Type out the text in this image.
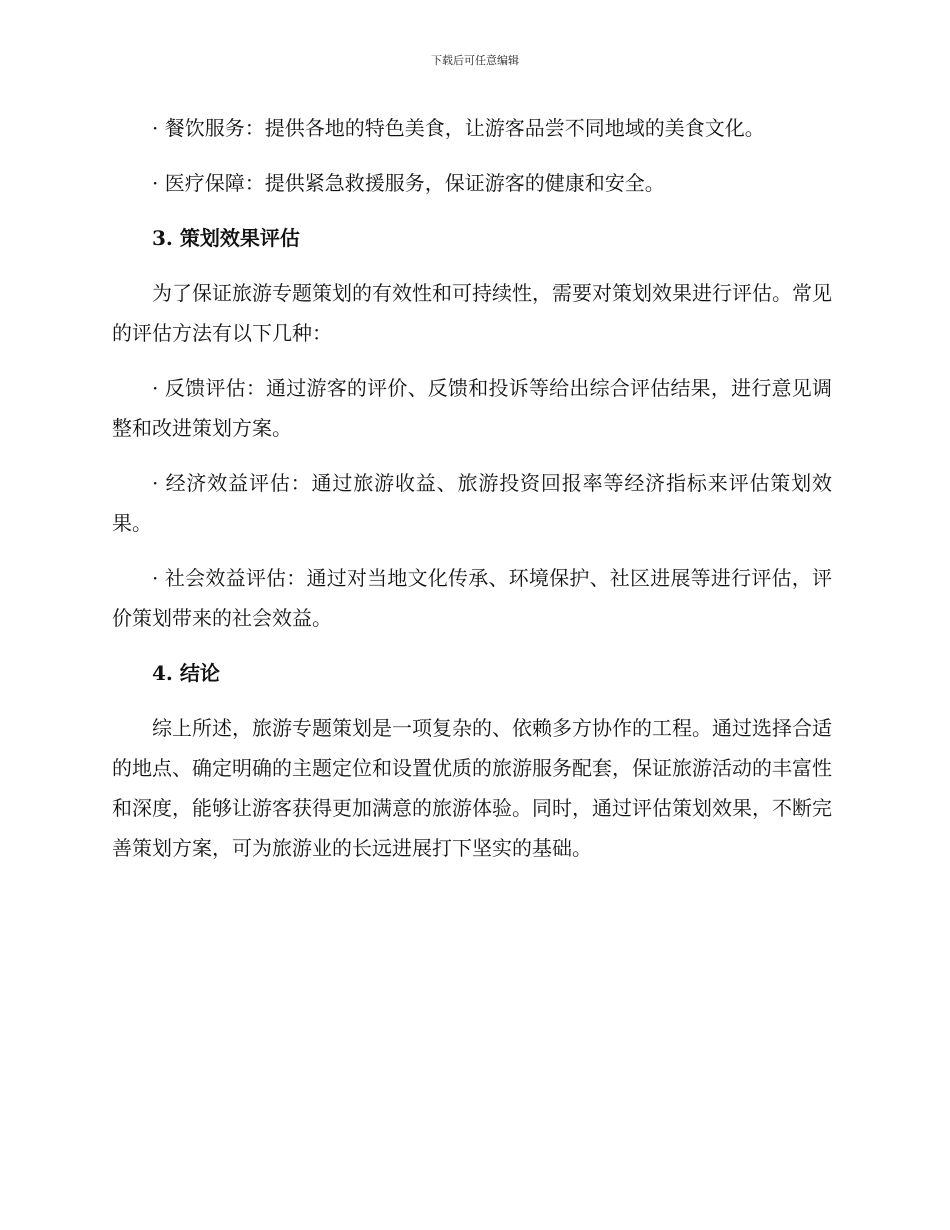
下载后可任意编辑

· 餐饮服务：提供各地的特色美食，让游客品尝不同地域的美食文化。

· 医疗保障：提供紧急救援服务，保证游客的健康和安全。

3. 策划效果评估

为了保证旅游专题策划的有效性和可持续性，需要对策划效果进行评估。常见的评估方法有以下几种：

· 反馈评估：通过游客的评价、反馈和投诉等给出综合评估结果，进行意见调整和改进策划方案。

· 经济效益评估：通过旅游收益、旅游投资回报率等经济指标来评估策划效果。

· 社会效益评估：通过对当地文化传承、环境保护、社区进展等进行评估，评价策划带来的社会效益。

4. 结论

综上所述，旅游专题策划是一项复杂的、依赖多方协作的工程。通过选择合适的地点、确定明确的主题定位和设置优质的旅游服务配套，保证旅游活动的丰富性和深度，能够让游客获得更加满意的旅游体验。同时，通过评估策划效果，不断完善策划方案，可为旅游业的长远进展打下坚实的基础。
